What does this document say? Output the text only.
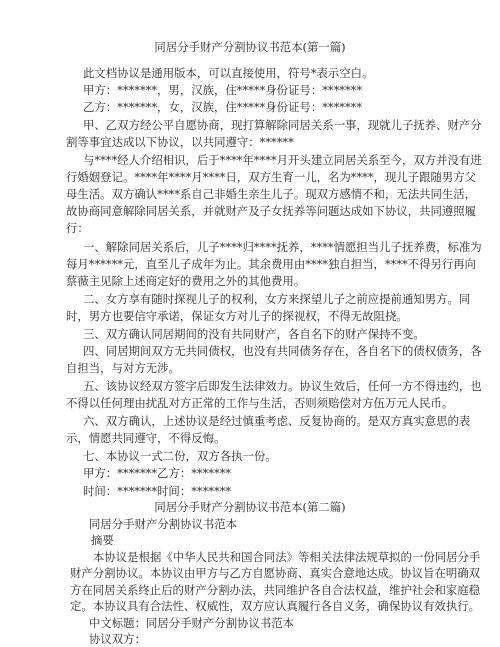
同居分手财产分割协议书范本(第一篇)

此文档协议是通用版本，可以直接使用，符号*表示空白。

甲方：*******，男，汉族，住*****身份证号：*******

乙方：*******，女，汉族，住*****身份证号：*******

甲、乙双方经公平自愿协商，现打算解除同居关系一事，现就儿子抚养、财产分

割等事宜达成以下协议，以共同遵守：******

与****经人介绍相识，后于****年****月开头建立同居关系至今，双方并没有进

行婚姻登记。****年****月****日，双方生育一儿，名为****，现儿子跟随男方父

母生活。双方确认****系自己非婚生亲生儿子。现双方感情不和，无法共同生活，

故协商同意解除同居关系，并就财产及子女抚养等问题达成如下协议，共同遵照履

行：

一、解除同居关系后，儿子****归****抚养，****情愿担当儿子抚养费，标准为

每月******元，直至儿子成年为止。其余费用由****独自担当，****不得另行再向

蔡薇主见除上述商定好的费用之外的其他费用。

二、女方享有随时探视儿子的权利，女方来探望儿子之前应提前通知男方。同

时，男方也要信守承诺，保证女方对儿子的探视权，不得无故阻挠。

三、双方确认同居期间的没有共同财产，各自名下的财产保持不变。

四、同居期间双方无共同债权，也没有共同债务存在，各自名下的债权债务，各

自担当，与对方无涉。

五、该协议经双方签字后即发生法律效力。协议生效后，任何一方不得违约，也

不得以任何理由扰乱对方正常的工作与生活，否则须赔偿对方伍万元人民币。

六、双方确认，上述协议是经过慎重考虑、反复协商的。是双方真实意思的表

示，情愿共同遵守，不得反悔。

七、本协议一式二份，双方各执一份。

甲方：*******乙方：*******

时间：*******时间：*******

同居分手财产分割协议书范本(第二篇)

同居分手财产分割协议书范本

摘要

本协议是根据《中华人民共和国合同法》等相关法律法规草拟的一份同居分手

财产分割协议。本协议由甲方与乙方自愿协商、真实合意地达成。协议旨在明确双

方在同居关系终止后的财产分割办法，共同维护各自合法权益，维护社会和家庭稳

定。本协议具有合法性、权威性，双方应认真履行各自义务，确保协议有效执行。

中文标题：同居分手财产分割协议书范本

协议双方：
